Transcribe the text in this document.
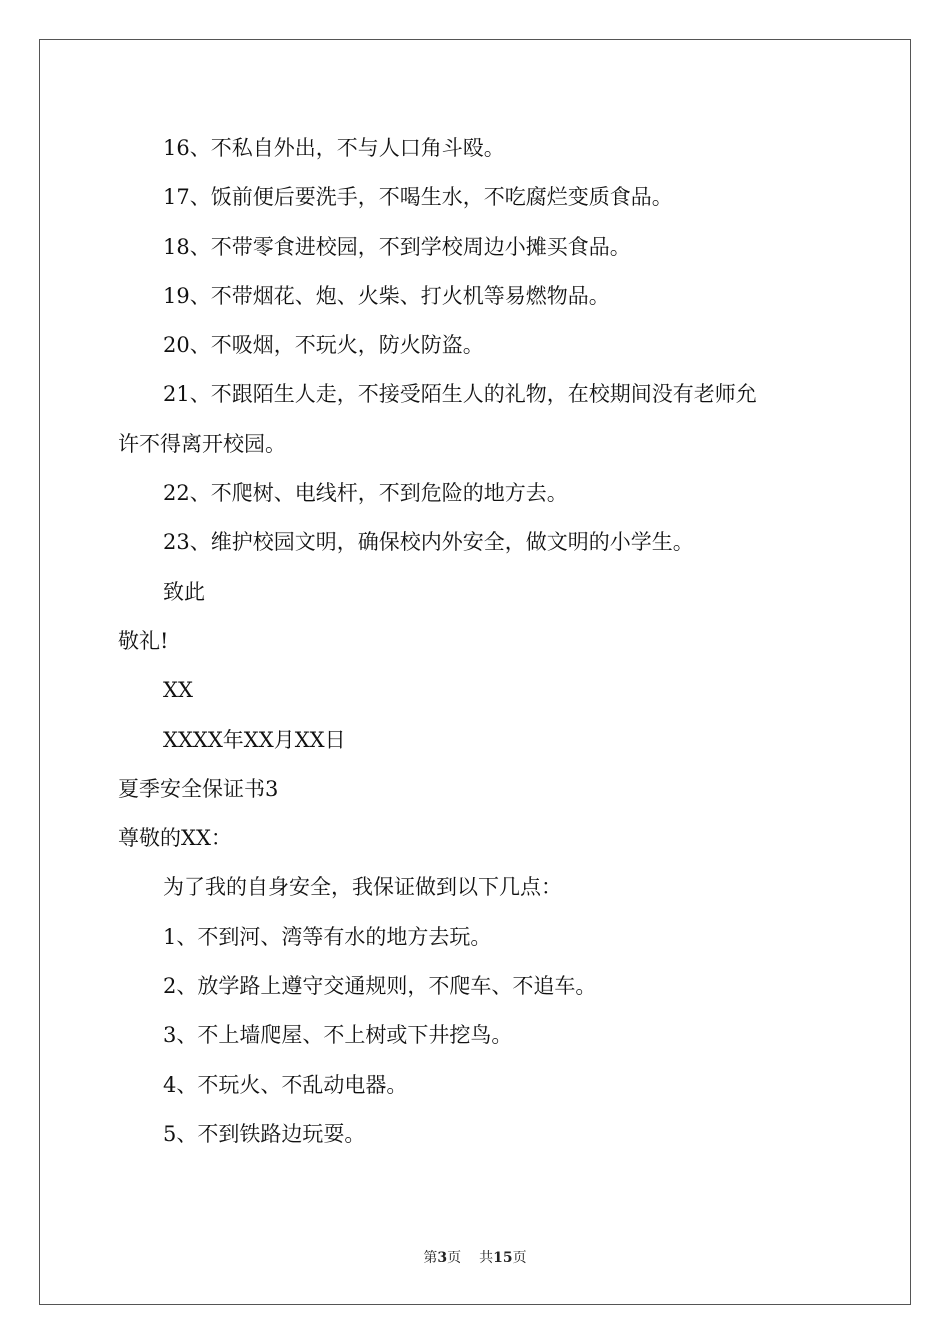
16、不私自外出，不与人口角斗殴。

17、饭前便后要洗手，不喝生水，不吃腐烂变质食品。

18、不带零食进校园，不到学校周边小摊买食品。

19、不带烟花、炮、火柴、打火机等易燃物品。

20、不吸烟，不玩火，防火防盗。

21、不跟陌生人走，不接受陌生人的礼物，在校期间没有老师允

许不得离开校园。

22、不爬树、电线杆，不到危险的地方去。

23、维护校园文明，确保校内外安全，做文明的小学生。

致此

敬礼!

XX

XXXX年XX月XX日

夏季安全保证书3

尊敬的XX：

为了我的自身安全，我保证做到以下几点：

1、不到河、湾等有水的地方去玩。

2、放学路上遵守交通规则，不爬车、不追车。

3、不上墙爬屋、不上树或下井挖鸟。

4、不玩火、不乱动电器。

5、不到铁路边玩耍。

第3页 共15页
